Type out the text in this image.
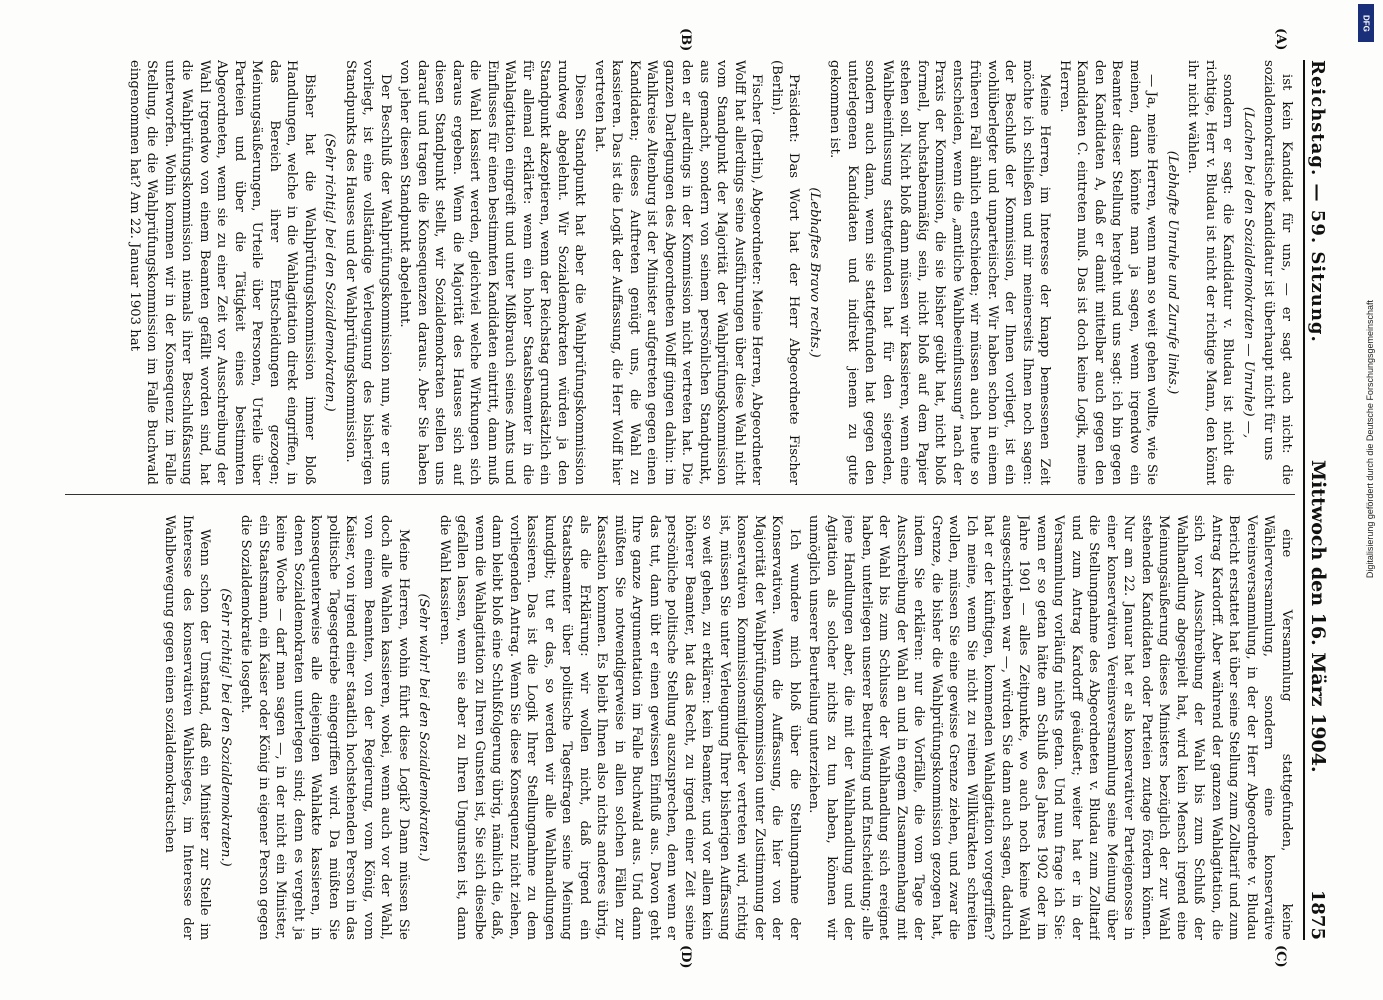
Reichstag. — 59. Sitzung.
Mittwoch den 16. März 1904.
1875
(A)
(B)
(C)
(D)

ist kein Kandidat für uns, — er sagt auch nicht: die sozialdemokratische Kandidatur ist überhaupt nicht für uns

(Lachen bei den Sozialdemokraten — Unruhe) —,

sondern er sagt: die Kandidatur v. Bludau ist nicht die richtige, Herr v. Bludau ist nicht der richtige Mann, den könnt ihr nicht wählen.

(Lebhafte Unruhe und Zurufe links.)

— Ja, meine Herren, wenn man so weit gehen wollte, wie Sie meinen, dann könnte man ja sagen, wenn irgendwo ein Beamter dieser Stellung hergeht und uns sagt: ich bin gegen den Kandidaten A, daß er damit mittelbar auch gegen den Kandidaten C. eintreten muß. Das ist doch keine Logik, meine Herren.

Meine Herren, im Interesse der knapp bemessenen Zeit möchte ich schließen und mir meinerseits Ihnen noch sagen: der Beschluß der Kommission, der Ihnen vorliegt, ist ein wohlüberlegter und unparteiischer. Wir haben schon in einem früheren Fall ähnlich entschieden; wir müssen auch heute so entscheiden, wenn die „amtliche Wahlbeeinflussung“ nach der Praxis der Kommission, die sie bisher geübt hat, nicht bloß formell, buchstabenmäßig sein, nicht bloß auf dem Papier stehen soll. Nicht bloß dann müssen wir kassieren, wenn eine Wahlbeeinflussung stattgefunden hat für den siegenden, sondern auch dann, wenn sie stattgefunden hat gegen den unterlegenen Kandidaten und indirekt jenem zu gute gekommen ist.

(Lebhaftes Bravo rechts.)

Präsident: Das Wort hat der Herr Abgeordnete Fischer (Berlin).

Fischer (Berlin), Abgeordneter: Meine Herren, Abgeordneter Wolff hat allerdings seine Ausführungen über diese Wahl nicht vom Standpunkt der Majorität der Wahlprüfungskommission aus gemacht, sondern von seinem persönlichen Standpunkt, den er allerdings in der Kommission nicht vertreten hat. Die ganzen Darlegungen des Abgeordneten Wolff gingen dahin: im Wahlkreise Altenburg ist der Minister aufgetreten gegen einen Kandidaten; dieses Auftreten genügt uns, die Wahl zu kassieren. Das ist die Logik der Auffassung, die Herr Wolff hier vertreten hat.

Diesen Standpunkt hat aber die Wahlprüfungskommission rundweg abgelehnt. Wir Sozialdemokraten würden ja den Standpunkt akzeptieren, wenn der Reichstag grundsätzlich ein für allemal erklärte: wenn ein hoher Staatsbeamter in die Wahlagitation eingreift und unter Mißbrauch seines Amts und Einflusses für einen bestimmten Kandidaten eintritt, dann muß die Wahl kassiert werden, gleichviel welche Wirkungen sich daraus ergeben. Wenn die Majorität des Hauses sich auf diesen Standpunkt stellt, wir Sozialdemokraten stellen uns darauf und tragen die Konsequenzen daraus. Aber Sie haben von jeher diesen Standpunkt abgelehnt.

Der Beschluß der Wahlprüfungskommission nun, wie er uns vorliegt, ist eine vollständige Verleugnung des bisherigen Standpunkts des Hauses und der Wahlprüfungskommission.

(Sehr richtig! bei den Sozialdemokraten.)

Bisher hat die Wahlprüfungskommission immer bloß Handlungen, welche in die Wahlagitation direkt eingriffen, in das Bereich ihrer Entscheidungen gezogen; Meinungsäußerungen, Urteile über Personen, Urteile über Parteien und über die Tätigkeit eines bestimmten Abgeordneten, wenn sie zu einer Zeit vor Ausschreibung der Wahl irgendwo von einem Beamten gefällt worden sind, hat die Wahlprüfungskommission niemals ihrer Beschlußfassung unterworfen. Wohin kommen wir in der Konsequenz im Falle Stellung, die die Wahlprüfungskommission im Falle Buchwald eingenommen hat? Am 22. Januar 1903 hat

eine Versammlung stattgefunden, keine Wählerversammlung, sondern eine konservative Vereinsversammlung, in der der Herr Abgeordnete v. Bludau Bericht erstattet hat über seine Stellung zum Zolltarif und zum Antrag Kardorff. Aber während der ganzen Wahlagitation, die sich vor Ausschreibung der Wahl bis zum Schluß der Wahlhandlung abgespielt hat, wird kein Mensch irgend eine Meinungsäußerung dieses Ministers bezüglich der zur Wahl stehenden Kandidaten oder Parteien zutage fördern können. Nur am 22. Januar hat er als konservativer Parteigenosse in einer konservativen Vereinsversammlung seine Meinung über die Stellungnahme des Abgeordneten v. Bludau zum Zolltarif und zum Antrag Kardorff geäußert; weiter hat er in der Versammlung vorläufig nichts getan. Und nun frage ich Sie: wenn er so getan hätte am Schluß des Jahres 1902 oder im Jahre 1901 — alles Zeitpunkte, wo auch noch keine Wahl ausgeschrieben war —, würden Sie dann auch sagen, dadurch hat er der künftigen, kommenden Wahlagitation vorgegriffen? Ich meine, wenn Sie nicht zu reinen Willkürakten schreiten wollen, müssen Sie eine gewisse Grenze ziehen, und zwar die Grenze, die bisher die Wahlprüfungskommission gezogen hat, indem Sie erklären: nur die Vorfälle, die vom Tage der Ausschreibung der Wahl an und in engem Zusammenhang mit der Wahl bis zum Schlusse der Wahlhandlung sich ereignet haben, unterliegen unserer Beurteilung und Entscheidung; alle jene Handlungen aber, die mit der Wahlhandlung und der Agitation als solcher nichts zu tun haben, können wir unmöglich unserer Beurteilung unterziehen.

Ich wundere mich bloß über die Stellungnahme der Konservativen. Wenn die Auffassung, die hier von der Majorität der Wahlprüfungskommission unter Zustimmung der konservativen Kommissionsmitglieder vertreten wird, richtig ist, müssen Sie unter Verleugnung Ihrer bisherigen Auffassung so weit gehen, zu erklären: kein Beamter, und vor allem kein höherer Beamter, hat das Recht, zu irgend einer Zeit seine persönliche politische Stellung auszusprechen, denn wenn er das tut, dann übt er einen gewissen Einfluß aus. Davon geht Ihre ganze Argumentation im Falle Buchwald aus. Und dann müßten Sie notwendigerweise in allen solchen Fällen zur Kassation kommen. Es bleibt Ihnen also nichts anderes übrig, als die Erklärung: wir wollen nicht, daß irgend ein Staatsbeamter über politische Tagesfragen seine Meinung kundgibt; tut er das, so werden wir alle Wahlhandlungen kassieren. Das ist die Logik Ihrer Stellungnahme zu dem vorliegenden Antrag. Wenn Sie diese Konsequenz nicht ziehen, dann bleibt bloß eine Schlußfolgerung übrig, nämlich die, daß, wenn die Wahlagitation zu Ihren Gunsten ist, Sie sich dieselbe gefallen lassen, wenn sie aber zu Ihren Ungunsten ist, dann die Wahl kassieren.

(Sehr wahr! bei den Sozialdemokraten.)

Meine Herren, wohin führt diese Logik? Dann müssen Sie doch alle Wahlen kassieren, wobei, wenn auch vor der Wahl, von einem Beamten, von der Regierung, vom König, vom Kaiser, von irgend einer staatlich hochstehenden Person in das politische Tagesgetriebe eingegriffen wird. Da müßten Sie konsequenterweise alle diejenigen Wahlakte kassieren, in denen Sozialdemokraten unterlegen sind; denn es vergeht ja keine Woche — darf man sagen —, in der nicht ein Minister, ein Staatsmann, ein Kaiser oder König in eigener Person gegen die Sozialdemokratie losgeht.

(Sehr richtig! bei den Sozialdemokraten.)

Wenn schon der Umstand, daß ein Minister zur Stelle im Interesse des konservativen Wahlsieges, im Interesse der Wahlbewegung gegen einen sozialdemokratischen

DFG
Digitalisierung gefördert durch die Deutsche Forschungsgemeinschaft
